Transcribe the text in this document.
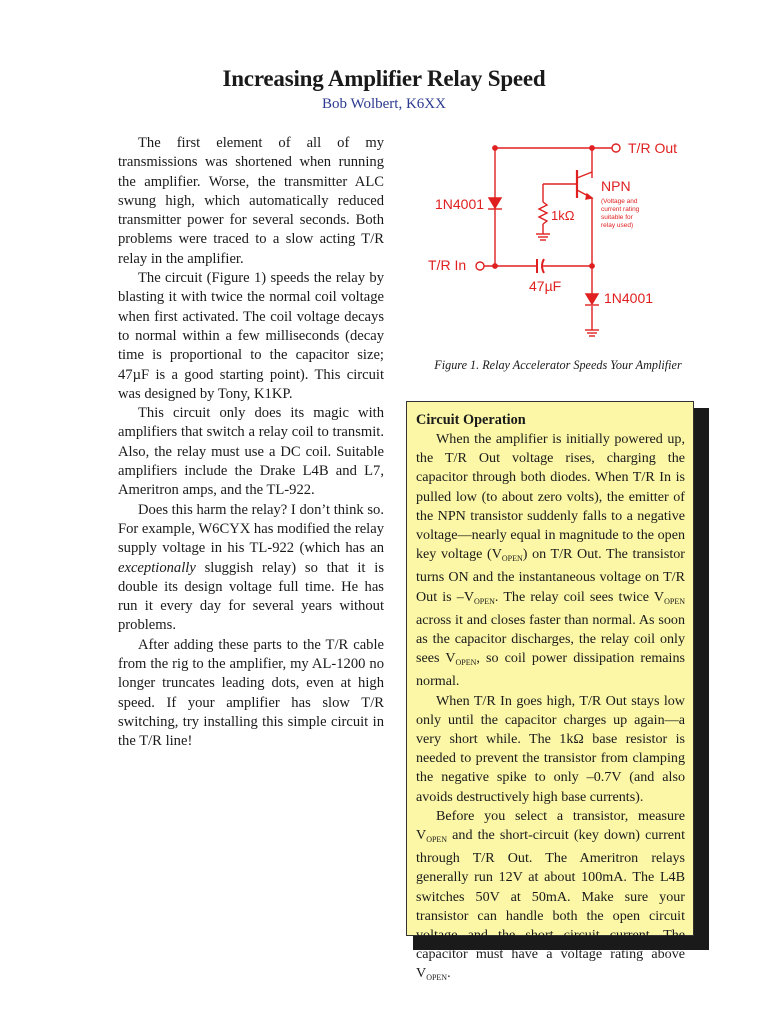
Increasing Amplifier Relay Speed
Bob Wolbert, K6XX

The first element of all of my transmissions was shortened when running the amplifier. Worse, the transmitter ALC swung high, which automatically reduced transmitter power for several seconds. Both problems were traced to a slow acting T/R relay in the amplifier.

The circuit (Figure 1) speeds the relay by blasting it with twice the normal coil voltage when first activated. The coil voltage decays to normal within a few milliseconds (decay time is proportional to the capacitor size; 47µF is a good starting point). This circuit was designed by Tony, K1KP.

This circuit only does its magic with amplifiers that switch a relay coil to transmit. Also, the relay must use a DC coil. Suitable amplifiers include the Drake L4B and L7, Ameritron amps, and the TL-922.

Does this harm the relay? I don’t think so. For example, W6CYX has modified the relay supply voltage in his TL-922 (which has an exceptionally sluggish relay) so that it is double its design voltage full time. He has run it every day for several years without problems.

After adding these parts to the T/R cable from the rig to the amplifier, my AL-1200 no longer truncates leading dots, even at high speed. If your amplifier has slow T/R switching, try installing this simple circuit in the T/R line!

T/R Out
NPN
(Voltage and
current rating
suitable for
relay used)
1N4001
1kΩ
T/R In
47µF
1N4001
Figure 1. Relay Accelerator Speeds Your Amplifier
Circuit Operation

When the amplifier is initially powered up, the T/R Out voltage rises, charging the capacitor through both diodes. When T/R In is pulled low (to about zero volts), the emitter of the NPN transistor suddenly falls to a negative voltage—nearly equal in magnitude to the open key voltage $(V_{OPEN})$ on T/R Out. The transistor turns ON and the instantaneous voltage on T/R Out is $-V_{OPEN}$. The relay coil sees twice $V_{OPEN}$ across it and closes faster than normal. As soon as the capacitor discharges, the relay coil only sees $V_{OPEN}$, so coil power dissipation remains normal.

When T/R In goes high, T/R Out stays low only until the capacitor charges up again—a very short while. The 1kΩ base resistor is needed to prevent the transistor from clamping the negative spike to only –0.7V (and also avoids destructively high base currents).

Before you select a transistor, measure $V_{OPEN}$ and the short-circuit (key down) current through T/R Out. The Ameritron relays generally run 12V at about 100mA. The L4B switches 50V at 50mA. Make sure your transistor can handle both the open circuit voltage and the short circuit current. The capacitor must have a voltage rating above $V_{OPEN}$.
